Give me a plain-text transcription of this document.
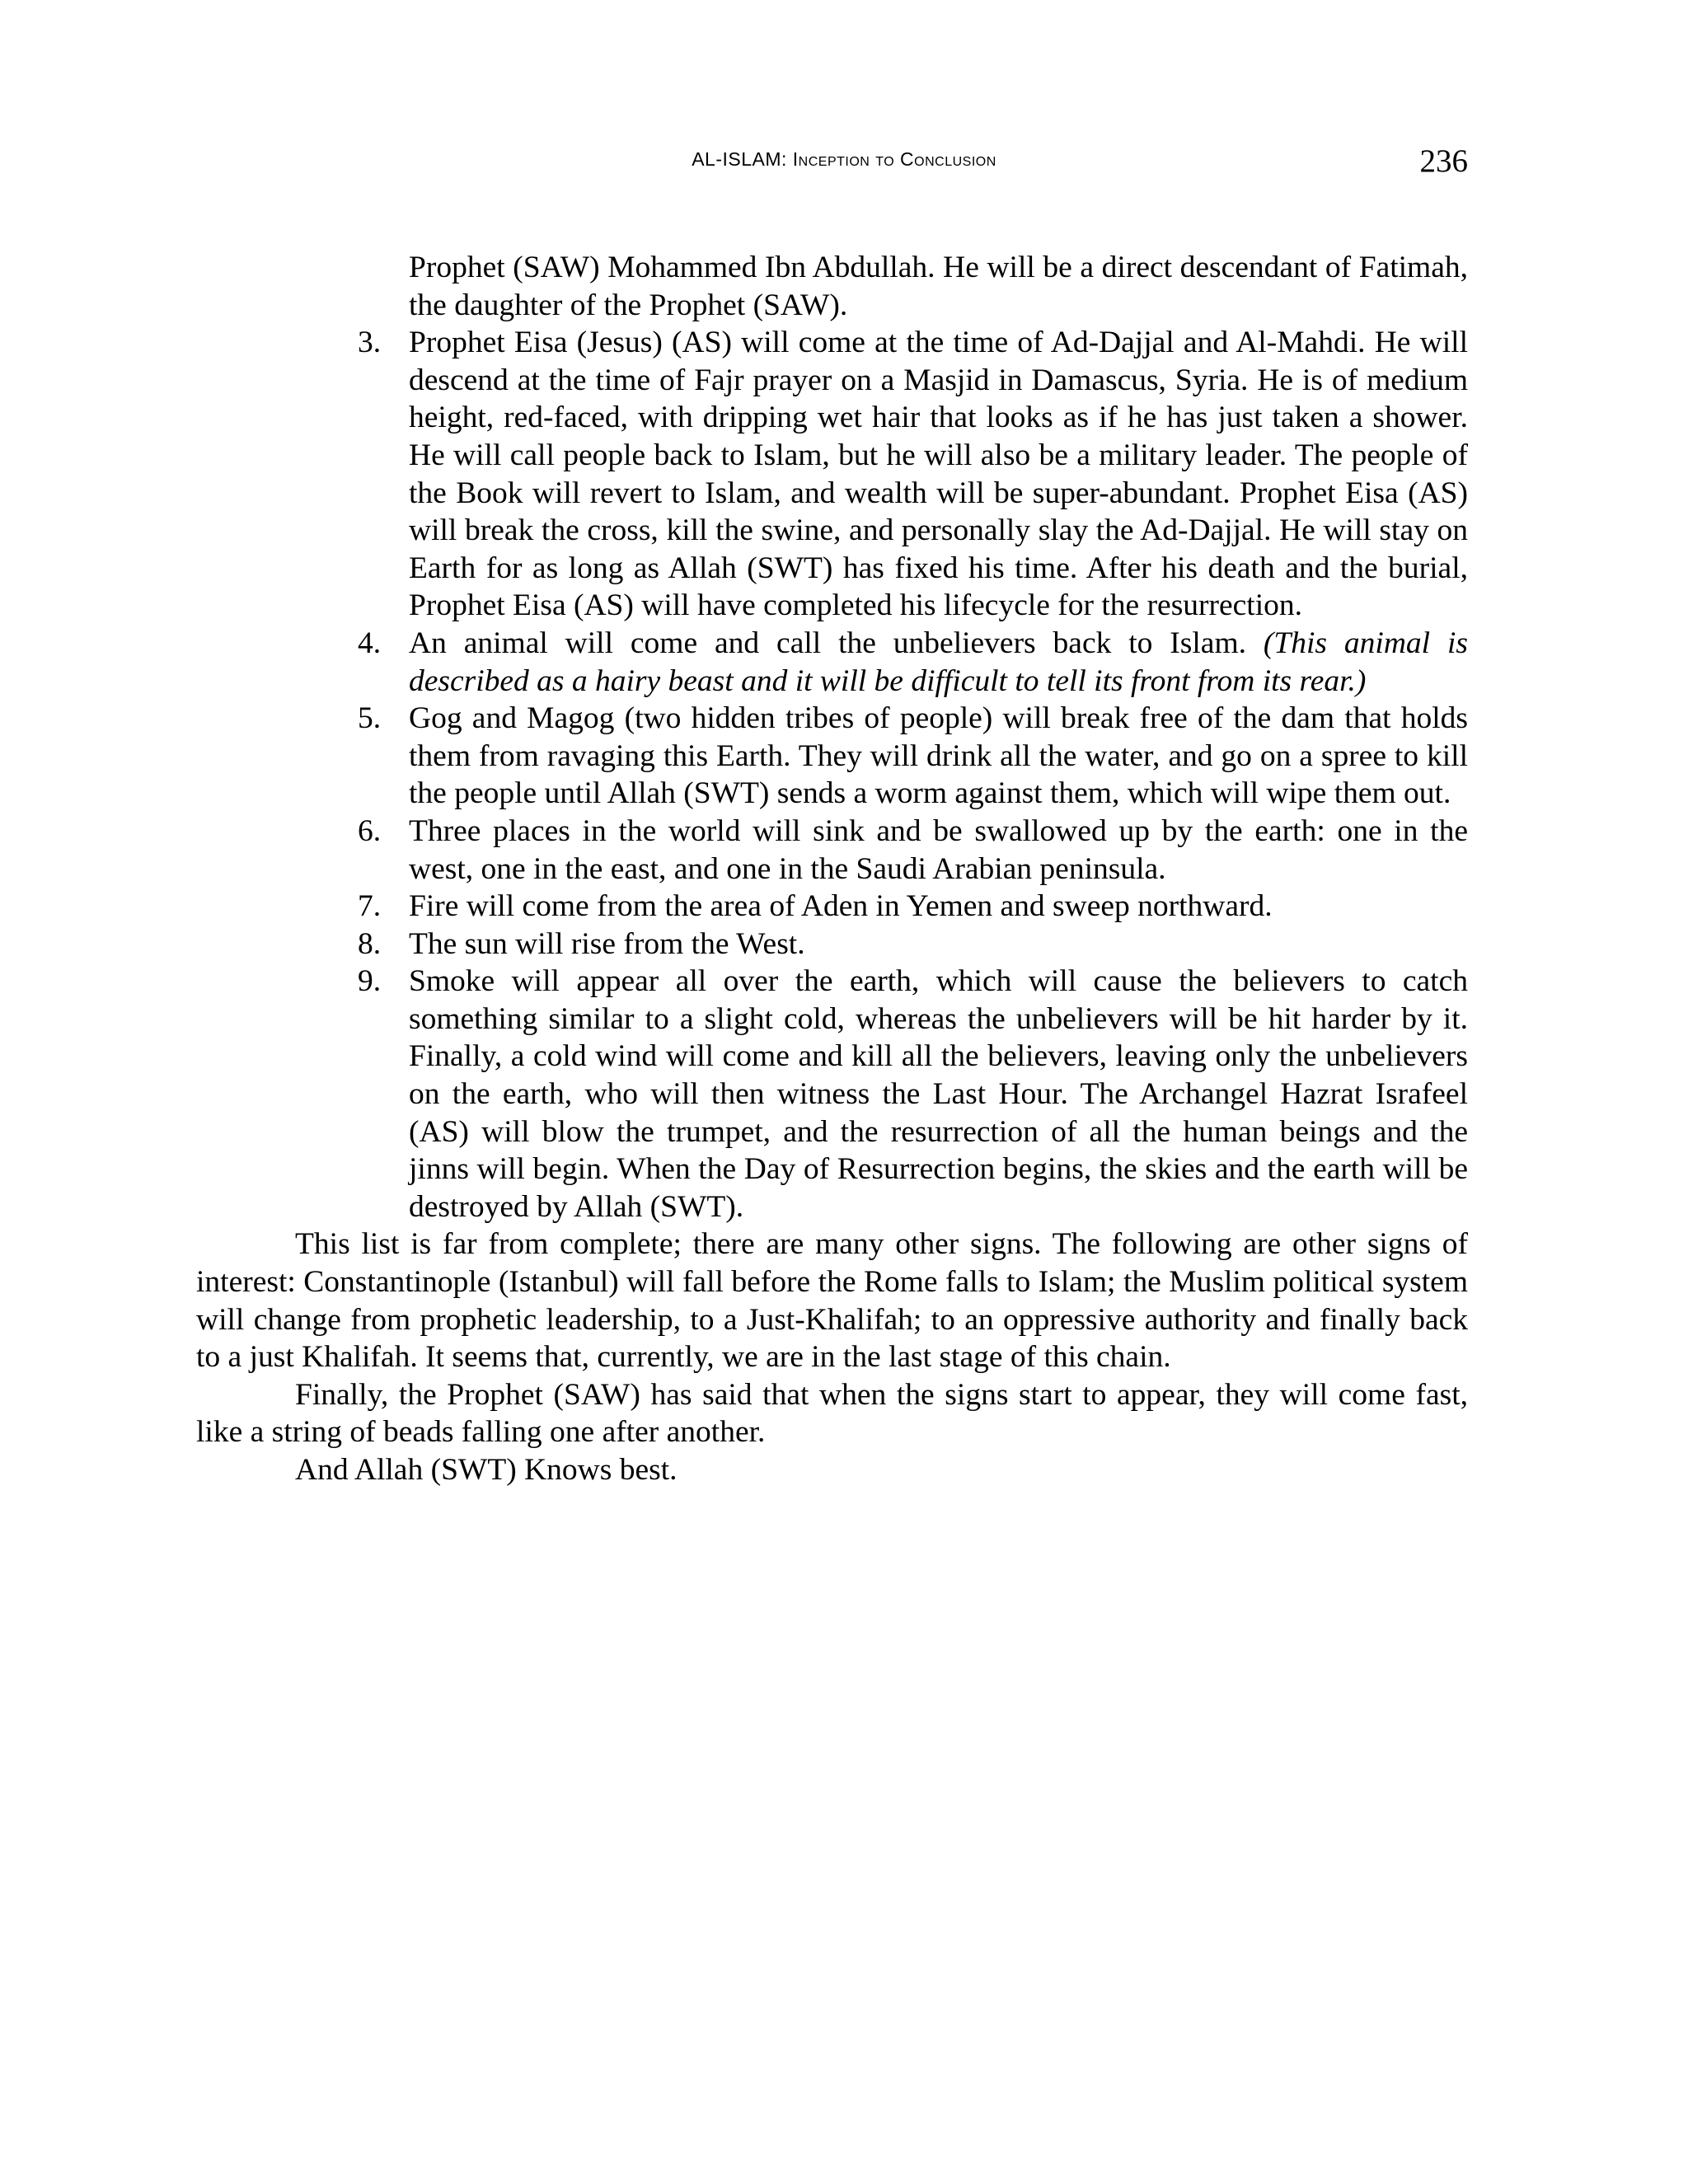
AL-ISLAM: Inception to Conclusion	236

Prophet (SAW) Mohammed Ibn Abdullah. He will be a direct descendant of Fatimah, the daughter of the Prophet (SAW).

3. Prophet Eisa (Jesus) (AS) will come at the time of Ad-Dajjal and Al-Mahdi. He will descend at the time of Fajr prayer on a Masjid in Damascus, Syria. He is of medium height, red-faced, with dripping wet hair that looks as if he has just taken a shower. He will call people back to Islam, but he will also be a military leader. The people of the Book will revert to Islam, and wealth will be super-abundant. Prophet Eisa (AS) will break the cross, kill the swine, and personally slay the Ad-Dajjal. He will stay on Earth for as long as Allah (SWT) has fixed his time. After his death and the burial, Prophet Eisa (AS) will have completed his lifecycle for the resurrection.
4. An animal will come and call the unbelievers back to Islam. (This animal is described as a hairy beast and it will be difficult to tell its front from its rear.)
5. Gog and Magog (two hidden tribes of people) will break free of the dam that holds them from ravaging this Earth. They will drink all the water, and go on a spree to kill the people until Allah (SWT) sends a worm against them, which will wipe them out.
6. Three places in the world will sink and be swallowed up by the earth: one in the west, one in the east, and one in the Saudi Arabian peninsula.
7. Fire will come from the area of Aden in Yemen and sweep northward.
8. The sun will rise from the West.
9. Smoke will appear all over the earth, which will cause the believers to catch something similar to a slight cold, whereas the unbelievers will be hit harder by it. Finally, a cold wind will come and kill all the believers, leaving only the unbelievers on the earth, who will then witness the Last Hour. The Archangel Hazrat Israfeel (AS) will blow the trumpet, and the resurrection of all the human beings and the jinns will begin. When the Day of Resurrection begins, the skies and the earth will be destroyed by Allah (SWT).

This list is far from complete; there are many other signs. The following are other signs of interest: Constantinople (Istanbul) will fall before the Rome falls to Islam; the Muslim political system will change from prophetic leadership, to a Just-Khalifah; to an oppressive authority and finally back to a just Khalifah. It seems that, currently, we are in the last stage of this chain.

Finally, the Prophet (SAW) has said that when the signs start to appear, they will come fast, like a string of beads falling one after another.

And Allah (SWT) Knows best.
